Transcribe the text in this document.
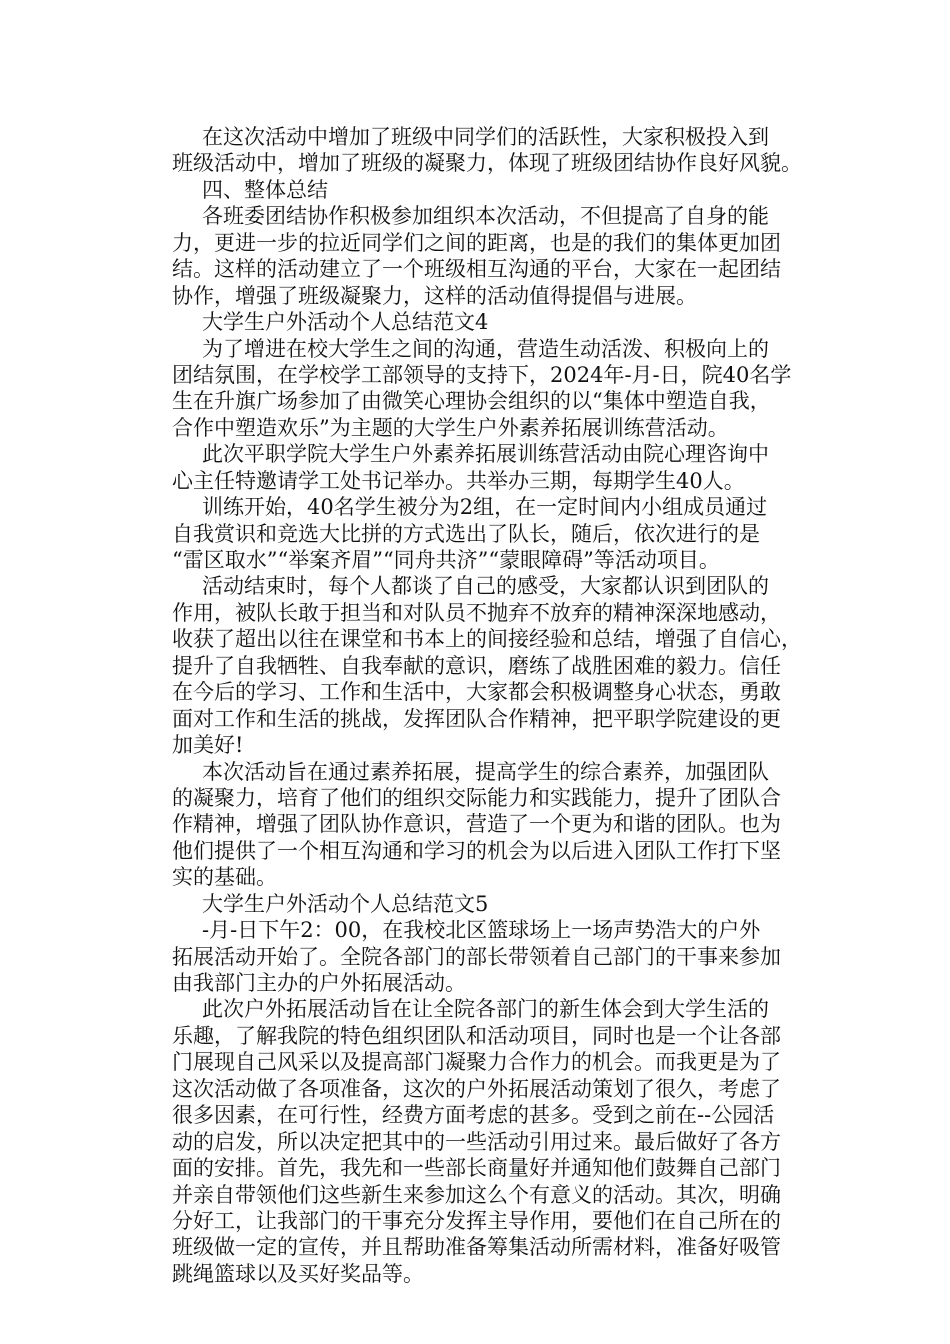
在这次活动中增加了班级中同学们的活跃性，大家积极投入到
班级活动中，增加了班级的凝聚力，体现了班级团结协作良好风貌。
四、整体总结
各班委团结协作积极参加组织本次活动，不但提高了自身的能
力，更进一步的拉近同学们之间的距离，也是的我们的集体更加团
结。这样的活动建立了一个班级相互沟通的平台，大家在一起团结
协作，增强了班级凝聚力，这样的活动值得提倡与进展。
大学生户外活动个人总结范文4
为了增进在校大学生之间的沟通，营造生动活泼、积极向上的
团结氛围，在学校学工部领导的支持下，2024年-月-日，院40名学
生在升旗广场参加了由微笑心理协会组织的以“集体中塑造自我，
合作中塑造欢乐”为主题的大学生户外素养拓展训练营活动。
此次平职学院大学生户外素养拓展训练营活动由院心理咨询中
心主任特邀请学工处书记举办。共举办三期，每期学生40人。
训练开始，40名学生被分为2组，在一定时间内小组成员通过
自我赏识和竞选大比拼的方式选出了队长，随后，依次进行的是
“雷区取水”“举案齐眉”“同舟共济”“蒙眼障碍”等活动项目。
活动结束时，每个人都谈了自己的感受，大家都认识到团队的
作用，被队长敢于担当和对队员不抛弃不放弃的精神深深地感动，
收获了超出以往在课堂和书本上的间接经验和总结，增强了自信心，
提升了自我牺牲、自我奉献的意识，磨练了战胜困难的毅力。信任
在今后的学习、工作和生活中，大家都会积极调整身心状态，勇敢
面对工作和生活的挑战，发挥团队合作精神，把平职学院建设的更
加美好!
本次活动旨在通过素养拓展，提高学生的综合素养，加强团队
的凝聚力，培育了他们的组织交际能力和实践能力，提升了团队合
作精神，增强了团队协作意识，营造了一个更为和谐的团队。也为
他们提供了一个相互沟通和学习的机会为以后进入团队工作打下坚
实的基础。
大学生户外活动个人总结范文5
-月-日下午2：00，在我校北区篮球场上一场声势浩大的户外
拓展活动开始了。全院各部门的部长带领着自己部门的干事来参加
由我部门主办的户外拓展活动。
此次户外拓展活动旨在让全院各部门的新生体会到大学生活的
乐趣，了解我院的特色组织团队和活动项目，同时也是一个让各部
门展现自己风采以及提高部门凝聚力合作力的机会。而我更是为了
这次活动做了各项准备，这次的户外拓展活动策划了很久，考虑了
很多因素，在可行性，经费方面考虑的甚多。受到之前在--公园活
动的启发，所以决定把其中的一些活动引用过来。最后做好了各方
面的安排。首先，我先和一些部长商量好并通知他们鼓舞自己部门
并亲自带领他们这些新生来参加这么个有意义的活动。其次，明确
分好工，让我部门的干事充分发挥主导作用，要他们在自己所在的
班级做一定的宣传，并且帮助准备筹集活动所需材料，准备好吸管
跳绳篮球以及买好奖品等。
